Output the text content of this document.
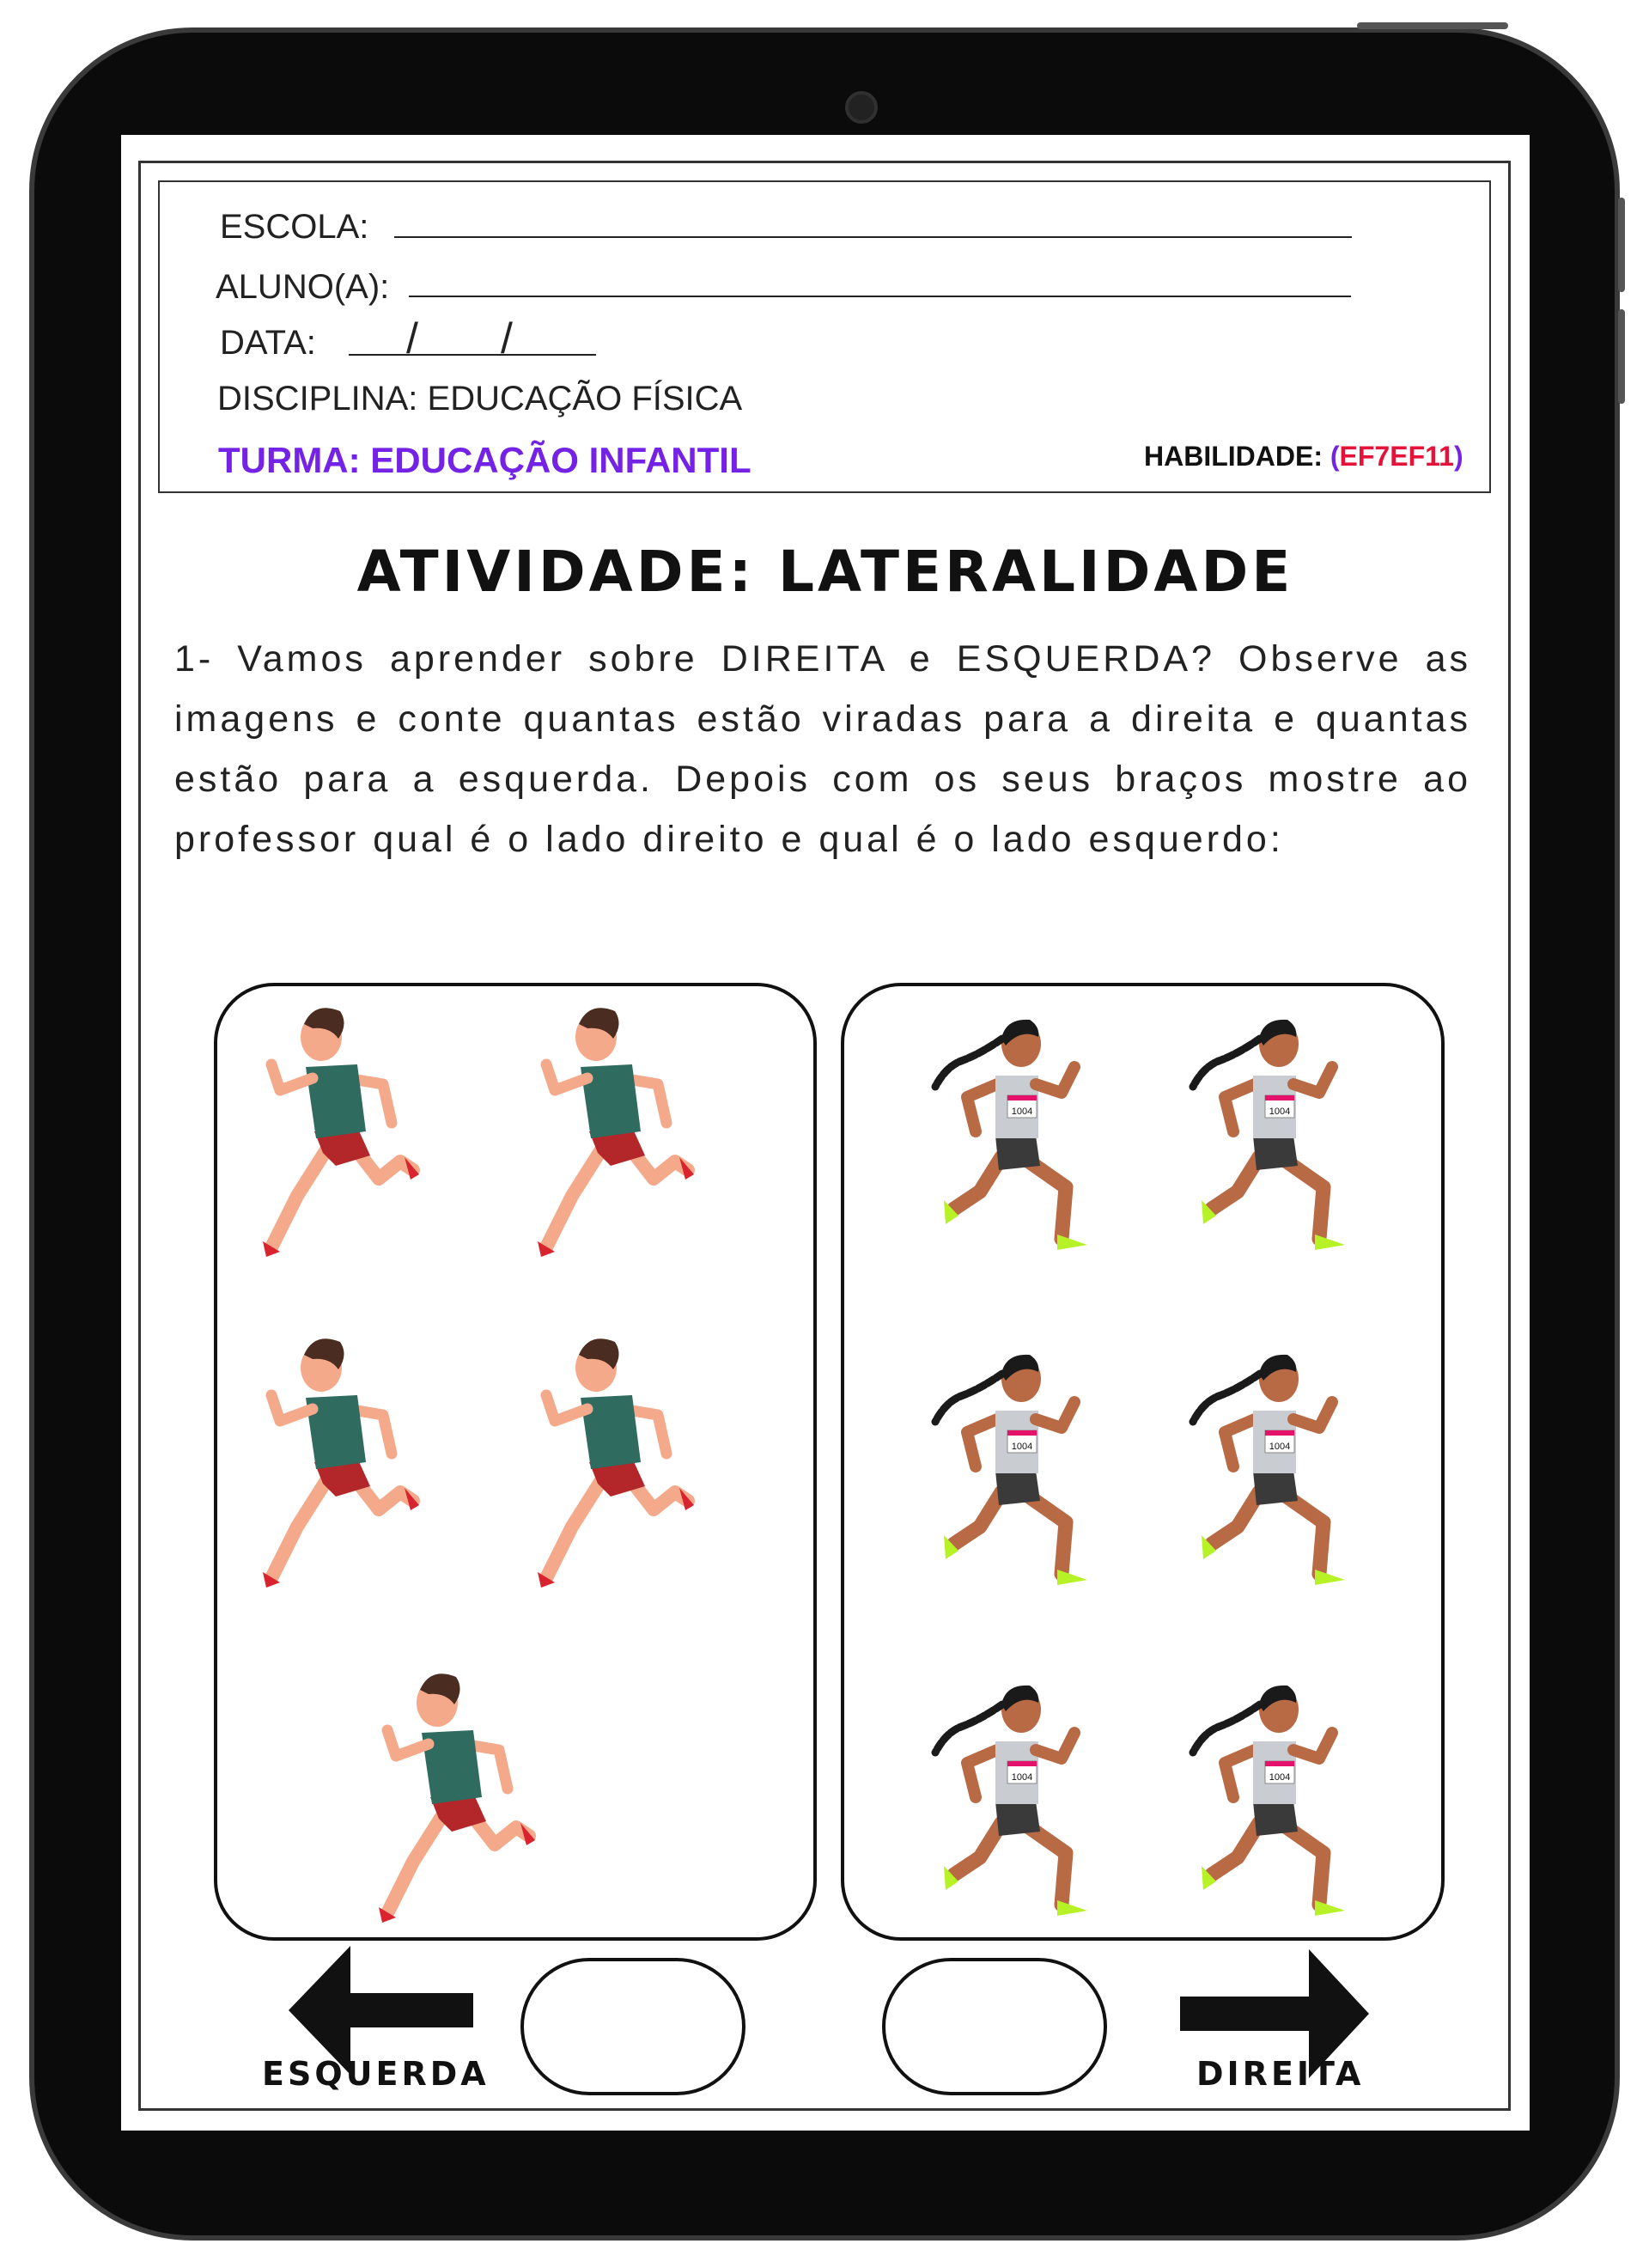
ESCOLA:
ALUNO(A):
DATA: / /
DISCIPLINA: EDUCAÇÃO FÍSICA
TURMA: EDUCAÇÃO INFANTIL	HABILIDADE: (EF7EF11)
ATIVIDADE: LATERALIDADE
1- Vamos aprender sobre DIREITA e ESQUERDA? Observe as imagens e conte quantas estão viradas para a direita e quantas estão para a esquerda. Depois com os seus braços mostre ao professor qual é o lado direito e qual é o lado esquerdo:
ESQUERDA	DIREITA
